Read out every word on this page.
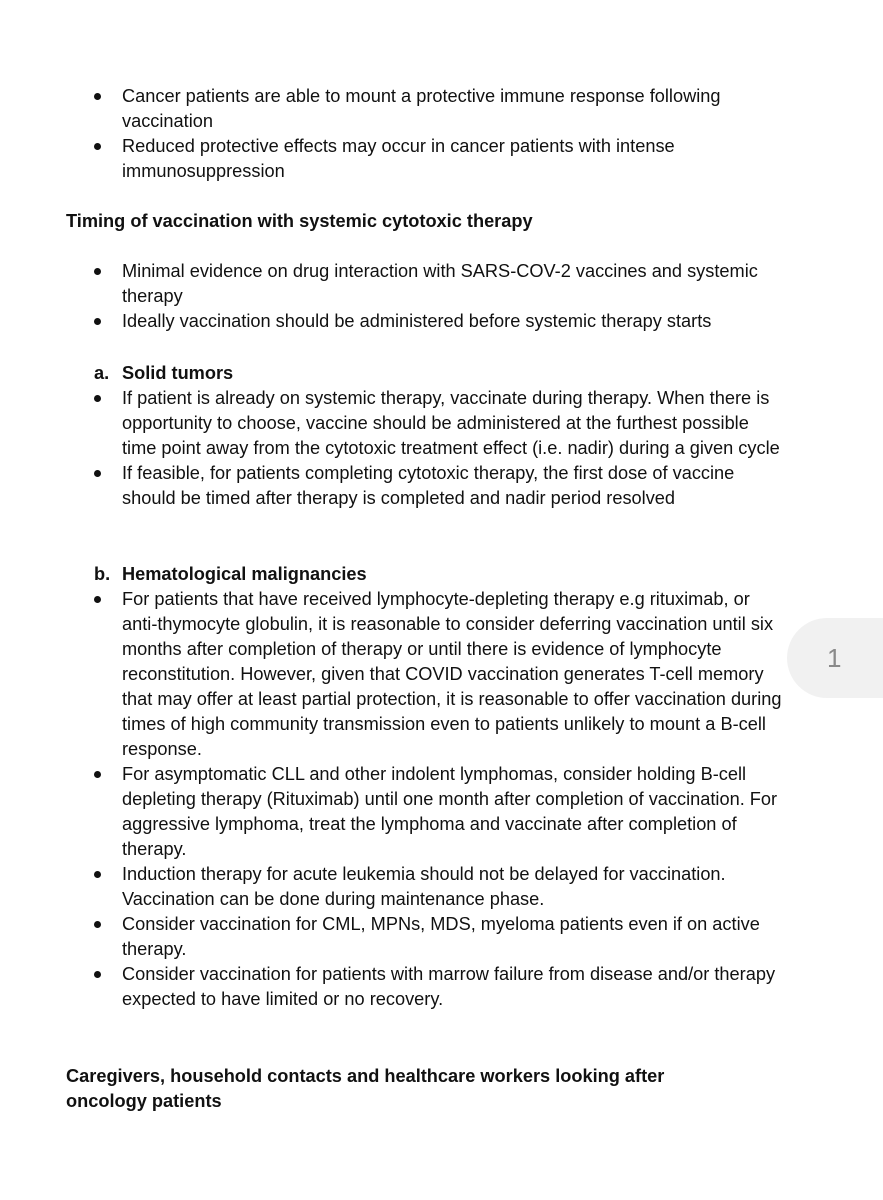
Cancer patients are able to mount a protective immune response following vaccination
Reduced protective effects may occur in cancer patients with intense immunosuppression
Timing of vaccination with systemic cytotoxic therapy
Minimal evidence on drug interaction with SARS-COV-2 vaccines and systemic therapy
Ideally vaccination should be administered before systemic therapy starts
a. Solid tumors
If patient is already on systemic therapy, vaccinate during therapy. When there is opportunity to choose, vaccine should be administered at the furthest possible time point away from the cytotoxic treatment effect (i.e. nadir) during a given cycle
If feasible, for patients completing cytotoxic therapy, the first dose of vaccine should be timed after therapy is completed and nadir period resolved
b. Hematological malignancies
For patients that have received lymphocyte-depleting therapy e.g rituximab, or anti-thymocyte globulin, it is reasonable to consider deferring vaccination until six months after completion of therapy or until there is evidence of lymphocyte reconstitution. However, given that COVID vaccination generates T-cell memory that may offer at least partial protection, it is reasonable to offer vaccination during times of high community transmission even to patients unlikely to mount a B-cell response.
For asymptomatic CLL and other indolent lymphomas, consider holding B-cell depleting therapy (Rituximab) until one month after completion of vaccination. For aggressive lymphoma, treat the lymphoma and vaccinate after completion of therapy.
Induction therapy for acute leukemia should not be delayed for vaccination. Vaccination can be done during maintenance phase.
Consider vaccination for CML, MPNs, MDS, myeloma patients even if on active therapy.
Consider vaccination for patients with marrow failure from disease and/or therapy expected to have limited or no recovery.
Caregivers, household contacts and healthcare workers looking after oncology patients
1
